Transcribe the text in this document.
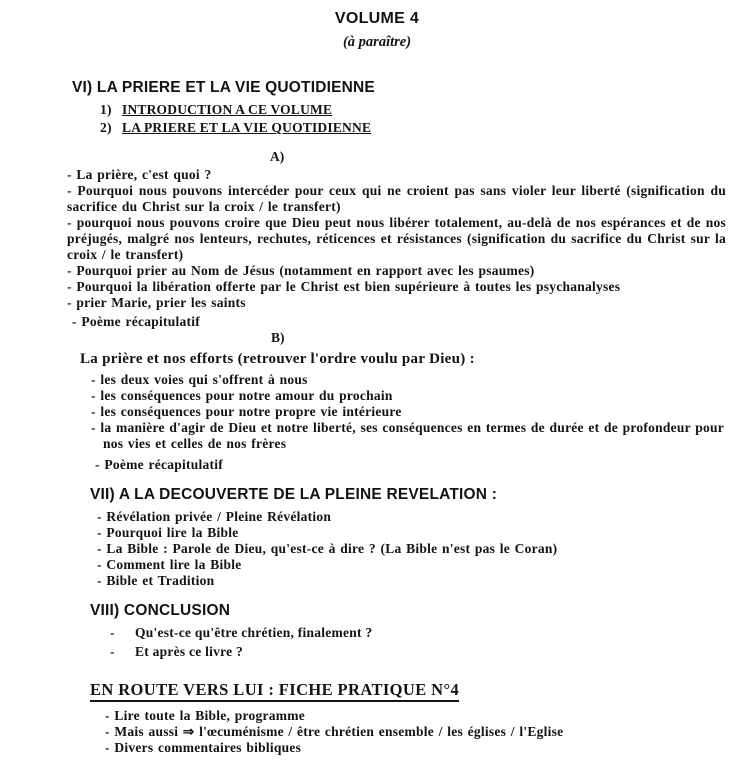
VOLUME 4
(à paraître)
VI) LA PRIERE ET LA VIE QUOTIDIENNE
1) INTRODUCTION A CE VOLUME
2) LA PRIERE ET LA VIE QUOTIDIENNE
A)
- La prière, c'est quoi ?
- Pourquoi nous pouvons intercéder pour ceux qui ne croient pas sans violer leur liberté (signification du sacrifice du Christ sur la croix / le transfert)
- pourquoi nous pouvons croire que Dieu peut nous libérer totalement, au-delà de nos espérances et de nos préjugés, malgré nos lenteurs, rechutes, réticences et résistances (signification du sacrifice du Christ sur la croix / le transfert)
- Pourquoi prier au Nom de Jésus (notamment en rapport avec les psaumes)
- Pourquoi la libération offerte par le Christ est bien supérieure à toutes les psychanalyses
- prier Marie, prier les saints
- Poème récapitulatif
B)
La prière et nos efforts (retrouver l'ordre voulu par Dieu) :
- les deux voies qui s'offrent à nous
- les conséquences pour notre amour du prochain
- les conséquences pour notre propre vie intérieure
- la manière d'agir de Dieu et notre liberté, ses conséquences en termes de durée et de profondeur pour nos vies et celles de nos frères
- Poème récapitulatif
VII) A LA DECOUVERTE DE LA PLEINE REVELATION :
- Révélation privée / Pleine Révélation
- Pourquoi lire la Bible
- La Bible : Parole de Dieu, qu'est-ce à dire ? (La Bible n'est pas le Coran)
- Comment lire la Bible
- Bible et Tradition
VIII) CONCLUSION
- Qu'est-ce qu'être chrétien, finalement ?
- Et après ce livre ?
EN ROUTE VERS LUI : FICHE PRATIQUE N°4
- Lire toute la Bible, programme
- Mais aussi ⇒ l'œcuménisme / être chrétien ensemble / les églises / l'Eglise
- Divers commentaires bibliques
